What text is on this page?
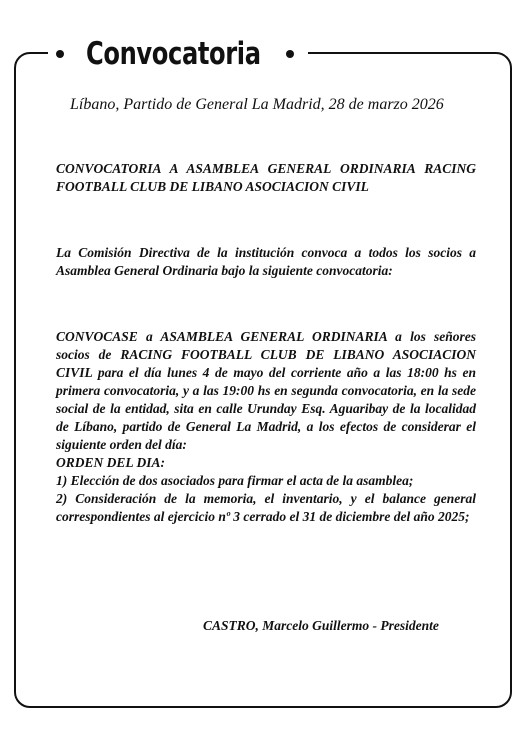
Convocatoria
Líbano, Partido de General La Madrid, 28 de marzo 2026
CONVOCATORIA A ASAMBLEA GENERAL ORDINARIA RACING FOOTBALL CLUB DE LIBANO ASOCIACION CIVIL
La Comisión Directiva de la institución convoca a todos los socios a Asamblea General Ordinaria bajo la siguiente convocatoria:
CONVOCASE a ASAMBLEA GENERAL ORDINARIA a los señores socios de RACING FOOTBALL CLUB DE LIBANO ASOCIACION CIVIL para el día lunes 4 de mayo del corriente año a las 18:00 hs en primera convocatoria, y a las 19:00 hs en segunda convocatoria, en la sede social de la entidad, sita en calle Urunday Esq. Aguaribay de la localidad de Líbano, partido de General La Madrid, a los efectos de considerar el siguiente orden del día:
ORDEN DEL DIA:
1) Elección de dos asociados para firmar el acta de la asamblea;
2) Consideración de la memoria, el inventario, y el balance general correspondientes al ejercicio nº 3 cerrado el 31 de diciembre del año 2025;
CASTRO, Marcelo Guillermo - Presidente
